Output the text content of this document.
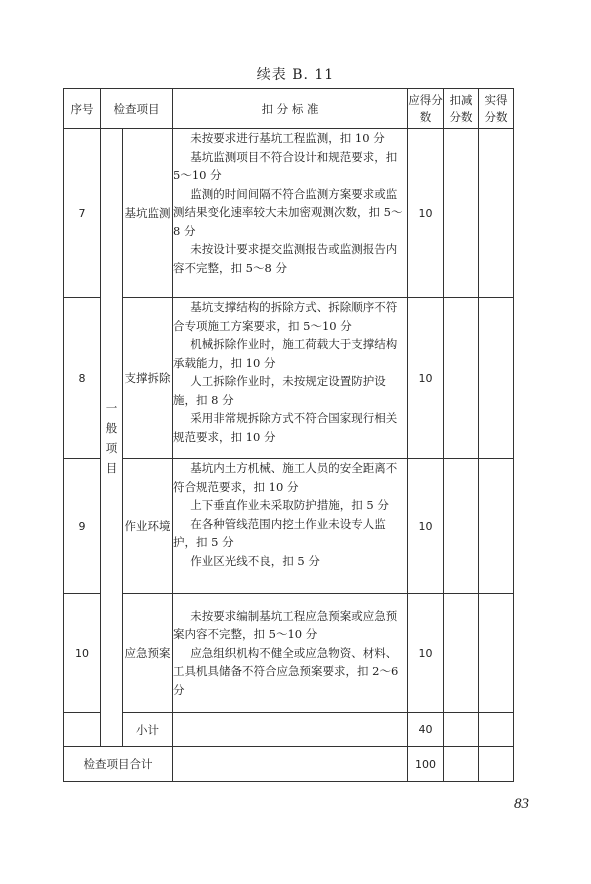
续表 B. 11
序号	检查项目		扣 分 标 准	应得分数	扣减分数	实得分数
7	一般项目	基坑监测	未按要求进行基坑工程监测，扣 10 分

基坑监测项目不符合设计和规范要求，扣 5～10 分

监测的时间间隔不符合监测方案要求或监测结果变化速率较大未加密观测次数，扣 5～8 分

未按设计要求提交监测报告或监测报告内容不完整，扣 5～8 分	10		
8		支撑拆除	基坑支撑结构的拆除方式、拆除顺序不符合专项施工方案要求，扣 5～10 分

机械拆除作业时，施工荷载大于支撑结构承载能力，扣 10 分

人工拆除作业时，未按规定设置防护设施，扣 8 分

采用非常规拆除方式不符合国家现行相关规范要求，扣 10 分	10		
9		作业环境	基坑内土方机械、施工人员的安全距离不符合规范要求，扣 10 分

上下垂直作业未采取防护措施，扣 5 分

在各种管线范围内挖土作业未设专人监护，扣 5 分

作业区光线不良，扣 5 分	10		
10		应急预案	未按要求编制基坑工程应急预案或应急预案内容不完整，扣 5～10 分

应急组织机构不健全或应急物资、材料、工具机具储备不符合应急预案要求，扣 2～6 分	10		
		小计		40		
检查项目合计				100		
83
